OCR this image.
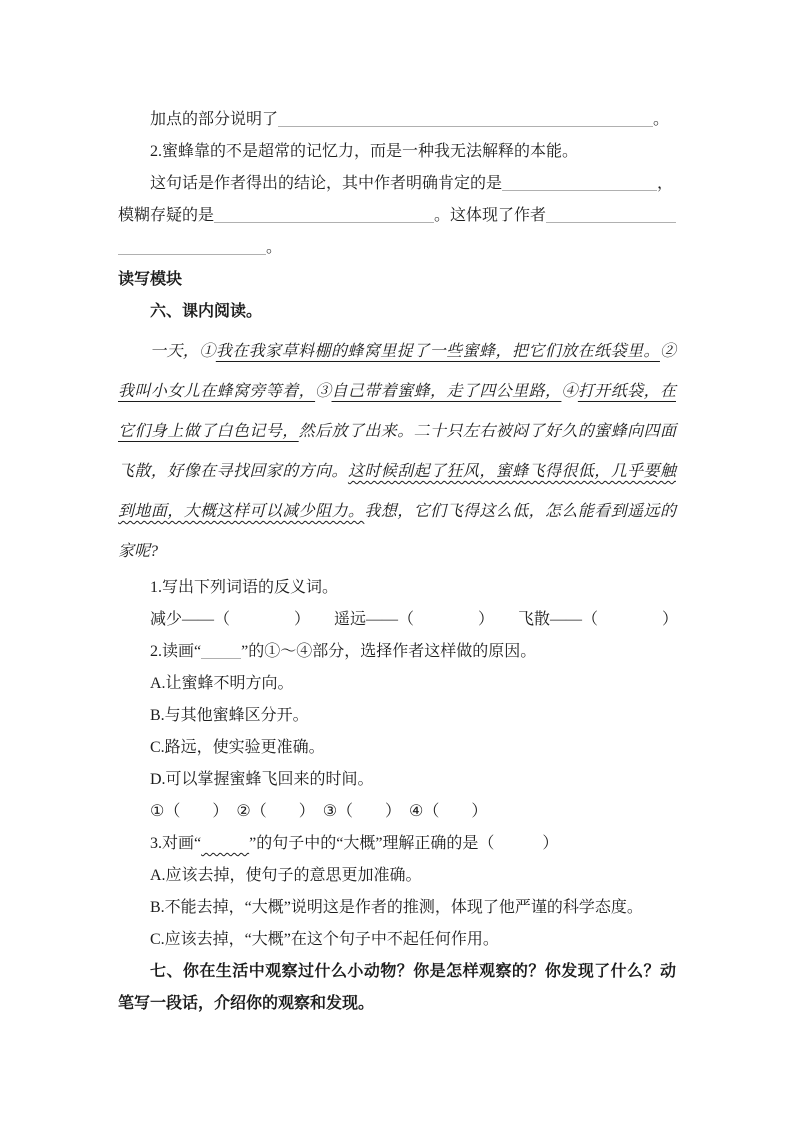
加点的部分说明了	。
2.蜜蜂靠的不是超常的记忆力，而是一种我无法解释的本能。
这句话是作者得出的结论，其中作者明确肯定的是	，
模糊存疑的是	。这体现了作者
。
读写模块
六、课内阅读。

一天，①我在我家草料棚的蜂窝里捉了一些蜜蜂，把它们放在纸袋里。②我叫小女儿在蜂窝旁等着，③自己带着蜜蜂，走了四公里路，④打开纸袋，在它们身上做了白色记号，然后放了出来。二十只左右被闷了好久的蜜蜂向四面飞散，好像在寻找回家的方向。这时候刮起了狂风，蜜蜂飞得很低，几乎要触到地面，大概这样可以减少阻力。我想，它们飞得这么低，怎么能看到遥远的家呢?

1.写出下列词语的反义词。
减少——（　　　　）　　遥远——（　　　　）　　飞散——（　　　　）
2.读画“	”的①～④部分，选择作者这样做的原因。
A.让蜜蜂不明方向。
B.与其他蜜蜂区分开。
C.路远，使实验更准确。
D.可以掌握蜜蜂飞回来的时间。
①（　　）　②（　　）　③（　　）　④（　　）
3.对画“　　　	”的句子中的“大概”理解正确的是（　　　）
A.应该去掉，使句子的意思更加准确。
B.不能去掉，“大概”说明这是作者的推测，体现了他严谨的科学态度。
C.应该去掉，“大概”在这个句子中不起任何作用。

七、你在生活中观察过什么小动物？你是怎样观察的？你发现了什么？动笔写一段话，介绍你的观察和发现。
